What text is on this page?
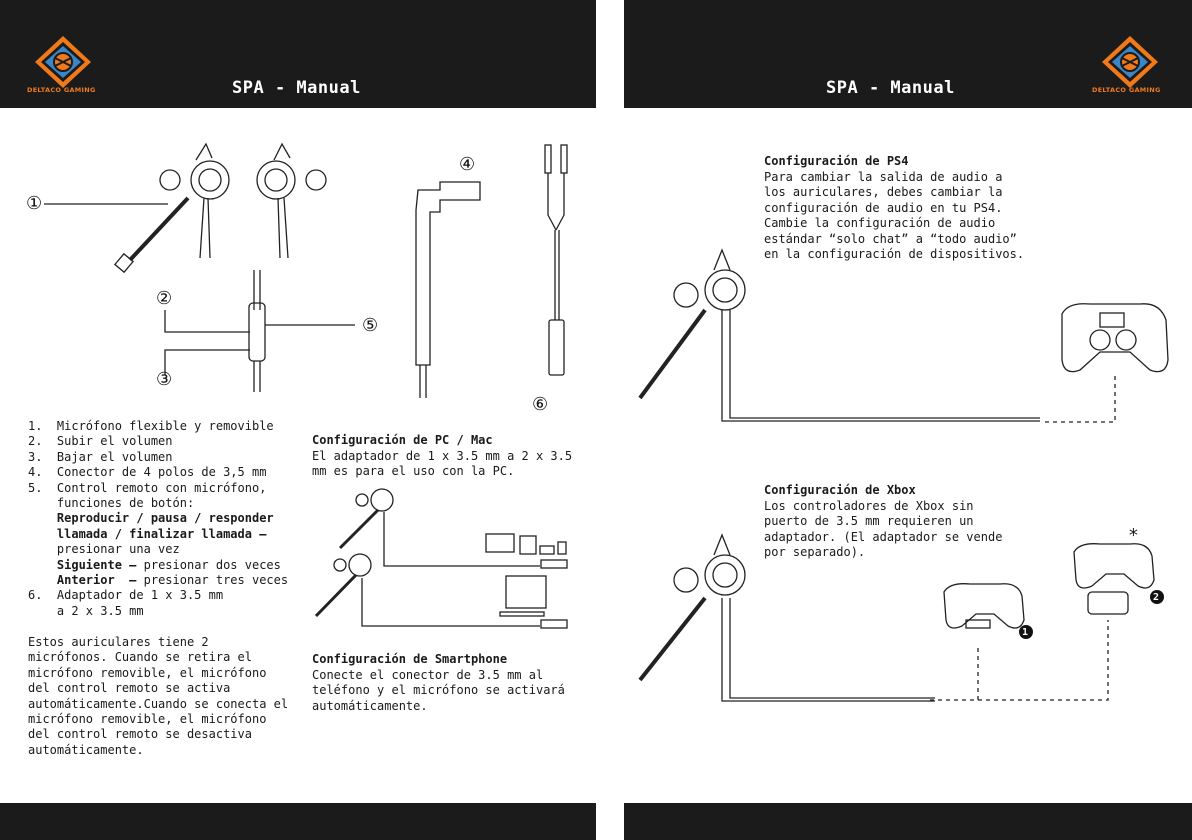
DELTACO GAMING	DELTACO GAMING
SPA - Manual	SPA - Manual
1
2
*
①
②
③
④
⑤
⑥
1. Micrófono flexible y removible
2. Subir el volumen
3. Bajar el volumen
4. Conector de 4 polos de 3,5 mm
5. Control remoto con micrófono,
funciones de botón:
Reproducir / pausa / responder
llamada / finalizar llamada –
presionar una vez
Siguiente – presionar dos veces
Anterior  – presionar tres veces
6. Adaptador de 1 x 3.5 mm
a 2 x 3.5 mm
Estos auriculares tiene 2
micrófonos. Cuando se retira el
micrófono removible, el micrófono
del control remoto se activa
automáticamente.Cuando se conecta el
micrófono removible, el micrófono
del control remoto se desactiva
automáticamente.
Configuración de PC / Mac
El adaptador de 1 x 3.5 mm a 2 x 3.5
mm es para el uso con la PC.
Configuración de Smartphone
Conecte el conector de 3.5 mm al
teléfono y el micrófono se activará
automáticamente.
Configuración de PS4
Para cambiar la salida de audio a
los auriculares, debes cambiar la
configuración de audio en tu PS4.
Cambie la configuración de audio
estándar “solo chat” a “todo audio”
en la configuración de dispositivos.
Configuración de Xbox
Los controladores de Xbox sin
puerto de 3.5 mm requieren un
adaptador. (El adaptador se vende
por separado).
